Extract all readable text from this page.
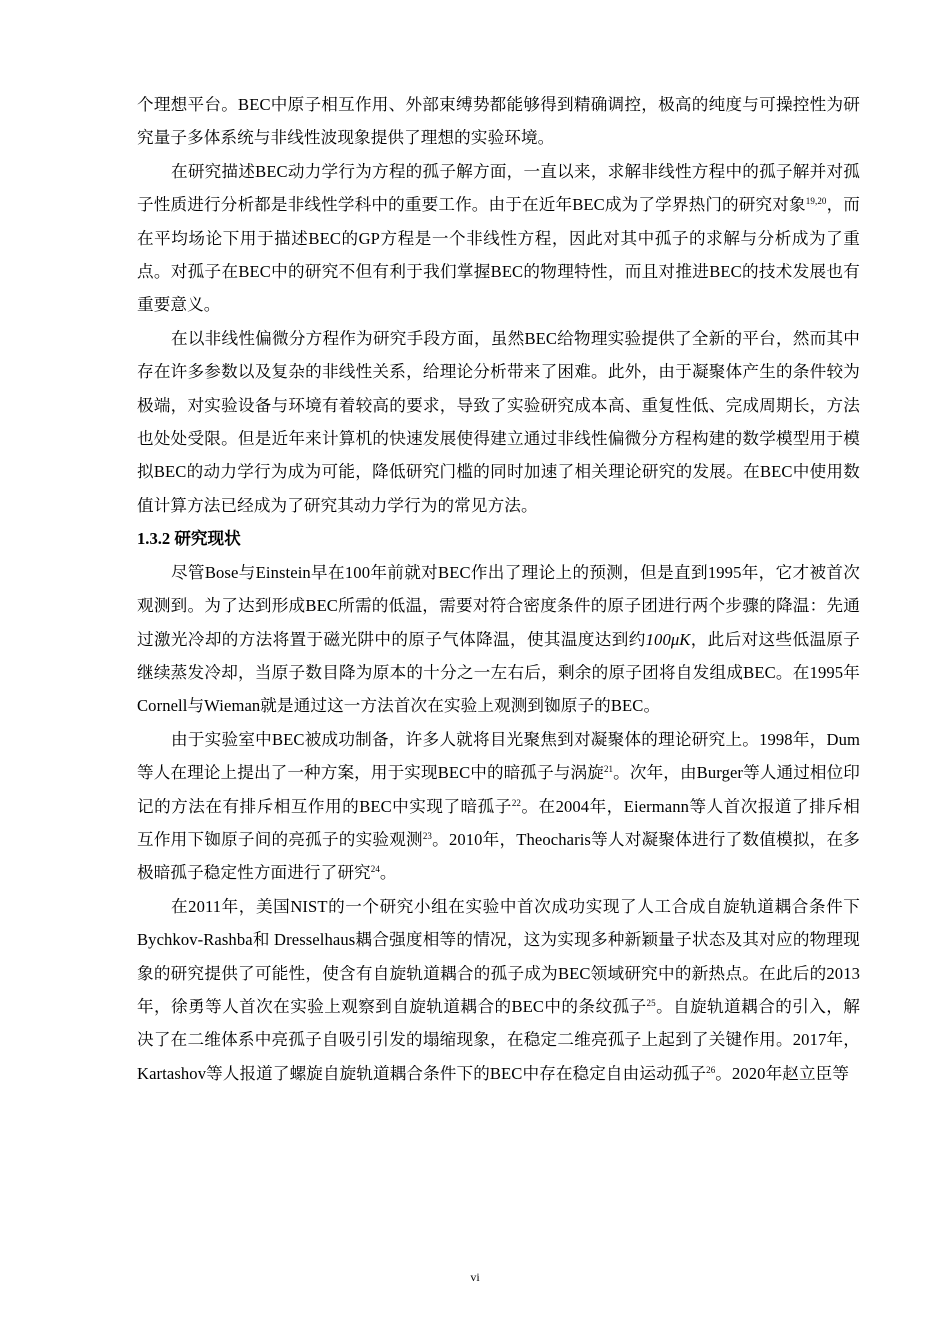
个理想平台。BEC中原子相互作用、外部束缚势都能够得到精确调控，极高的纯度与可操控性为研究量子多体系统与非线性波现象提供了理想的实验环境。

在研究描述BEC动力学行为方程的孤子解方面，一直以来，求解非线性方程中的孤子解并对孤子性质进行分析都是非线性学科中的重要工作。由于在近年BEC成为了学界热门的研究对象$^{19,20}$，而在平均场论下用于描述BEC的GP方程是一个非线性方程，因此对其中孤子的求解与分析成为了重点。对孤子在BEC中的研究不但有利于我们掌握BEC的物理特性，而且对推进BEC的技术发展也有重要意义。

在以非线性偏微分方程作为研究手段方面，虽然BEC给物理实验提供了全新的平台，然而其中存在许多参数以及复杂的非线性关系，给理论分析带来了困难。此外，由于凝聚体产生的条件较为极端，对实验设备与环境有着较高的要求，导致了实验研究成本高、重复性低、完成周期长，方法也处处受限。但是近年来计算机的快速发展使得建立通过非线性偏微分方程构建的数学模型用于模拟BEC的动力学行为成为可能，降低研究门槛的同时加速了相关理论研究的发展。在BEC中使用数值计算方法已经成为了研究其动力学行为的常见方法。

1.3.2 研究现状

尽管Bose与Einstein早在100年前就对BEC作出了理论上的预测，但是直到1995年，它才被首次观测到。为了达到形成BEC所需的低温，需要对符合密度条件的原子团进行两个步骤的降温：先通过激光冷却的方法将置于磁光阱中的原子气体降温，使其温度达到约100μK，此后对这些低温原子继续蒸发冷却，当原子数目降为原本的十分之一左右后，剩余的原子团将自发组成BEC。在1995年Cornell与Wieman就是通过这一方法首次在实验上观测到铷原子的BEC。

由于实验室中BEC被成功制备，许多人就将目光聚焦到对凝聚体的理论研究上。1998年，Dum等人在理论上提出了一种方案，用于实现BEC中的暗孤子与涡旋$^{21}$。次年，由Burger等人通过相位印记的方法在有排斥相互作用的BEC中实现了暗孤子$^{22}$。在2004年，Eiermann等人首次报道了排斥相互作用下铷原子间的亮孤子的实验观测$^{23}$。2010年，Theocharis等人对凝聚体进行了数值模拟，在多极暗孤子稳定性方面进行了研究$^{24}$。

在2011年，美国NIST的一个研究小组在实验中首次成功实现了人工合成自旋轨道耦合条件下Bychkov-Rashba和 Dresselhaus耦合强度相等的情况，这为实现多种新颖量子状态及其对应的物理现象的研究提供了可能性，使含有自旋轨道耦合的孤子成为BEC领域研究中的新热点。在此后的2013年，徐勇等人首次在实验上观察到自旋轨道耦合的BEC中的条纹孤子$^{25}$。自旋轨道耦合的引入，解决了在二维体系中亮孤子自吸引引发的塌缩现象，在稳定二维亮孤子上起到了关键作用。2017年，Kartashov等人报道了螺旋自旋轨道耦合条件下的BEC中存在稳定自由运动孤子$^{26}$。2020年赵立臣等

vi
